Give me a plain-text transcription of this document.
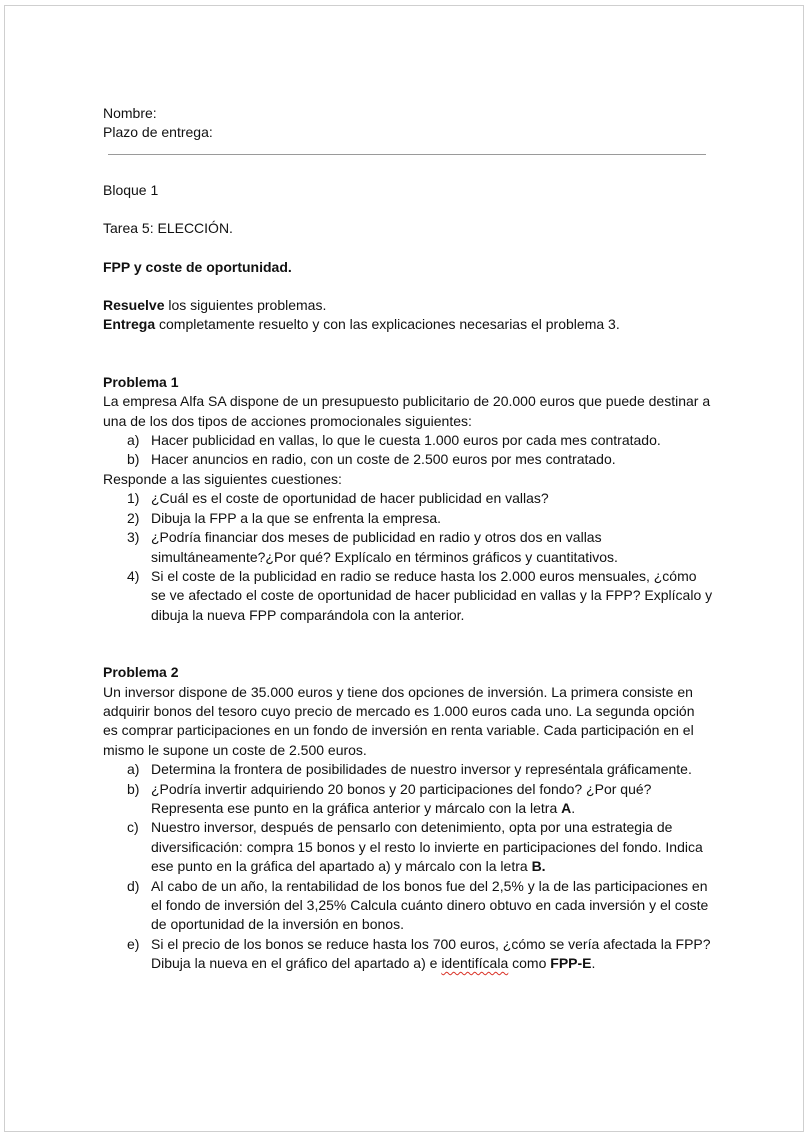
Nombre:

Plazo de entrega:

Bloque 1

Tarea 5: ELECCIÓN.

FPP y coste de oportunidad.

Resuelve los siguientes problemas.

Entrega completamente resuelto y con las explicaciones necesarias el problema 3.

Problema 1

La empresa Alfa SA dispone de un presupuesto publicitario de 20.000 euros que puede destinar a una de los dos tipos de acciones promocionales siguientes:

a) Hacer publicidad en vallas, lo que le cuesta 1.000 euros por cada mes contratado.
b) Hacer anuncios en radio, con un coste de 2.500 euros por mes contratado.

Responde a las siguientes cuestiones:

1) ¿Cuál es el coste de oportunidad de hacer publicidad en vallas?
2) Dibuja la FPP a la que se enfrenta la empresa.
3) ¿Podría financiar dos meses de publicidad en radio y otros dos en vallas simultáneamente?¿Por qué? Explícalo en términos gráficos y cuantitativos.
4) Si el coste de la publicidad en radio se reduce hasta los 2.000 euros mensuales, ¿cómo se ve afectado el coste de oportunidad de hacer publicidad en vallas y la FPP? Explícalo y dibuja la nueva FPP comparándola con la anterior.

Problema 2

Un inversor dispone de 35.000 euros y tiene dos opciones de inversión. La primera consiste en adquirir bonos del tesoro cuyo precio de mercado es 1.000 euros cada uno. La segunda opción es comprar participaciones en un fondo de inversión en renta variable. Cada participación en el mismo le supone un coste de 2.500 euros.

a) Determina la frontera de posibilidades de nuestro inversor y represéntala gráficamente.
b) ¿Podría invertir adquiriendo 20 bonos y 20 participaciones del fondo? ¿Por qué? Representa ese punto en la gráfica anterior y márcalo con la letra A.
c) Nuestro inversor, después de pensarlo con detenimiento, opta por una estrategia de diversificación: compra 15 bonos y el resto lo invierte en participaciones del fondo. Indica ese punto en la gráfica del apartado a) y márcalo con la letra B.
d) Al cabo de un año, la rentabilidad de los bonos fue del 2,5% y la de las participaciones en el fondo de inversión del 3,25% Calcula cuánto dinero obtuvo en cada inversión y el coste de oportunidad de la inversión en bonos.
e) Si el precio de los bonos se reduce hasta los 700 euros, ¿cómo se vería afectada la FPP? Dibuja la nueva en el gráfico del apartado a) e identifícala como FPP-E.
